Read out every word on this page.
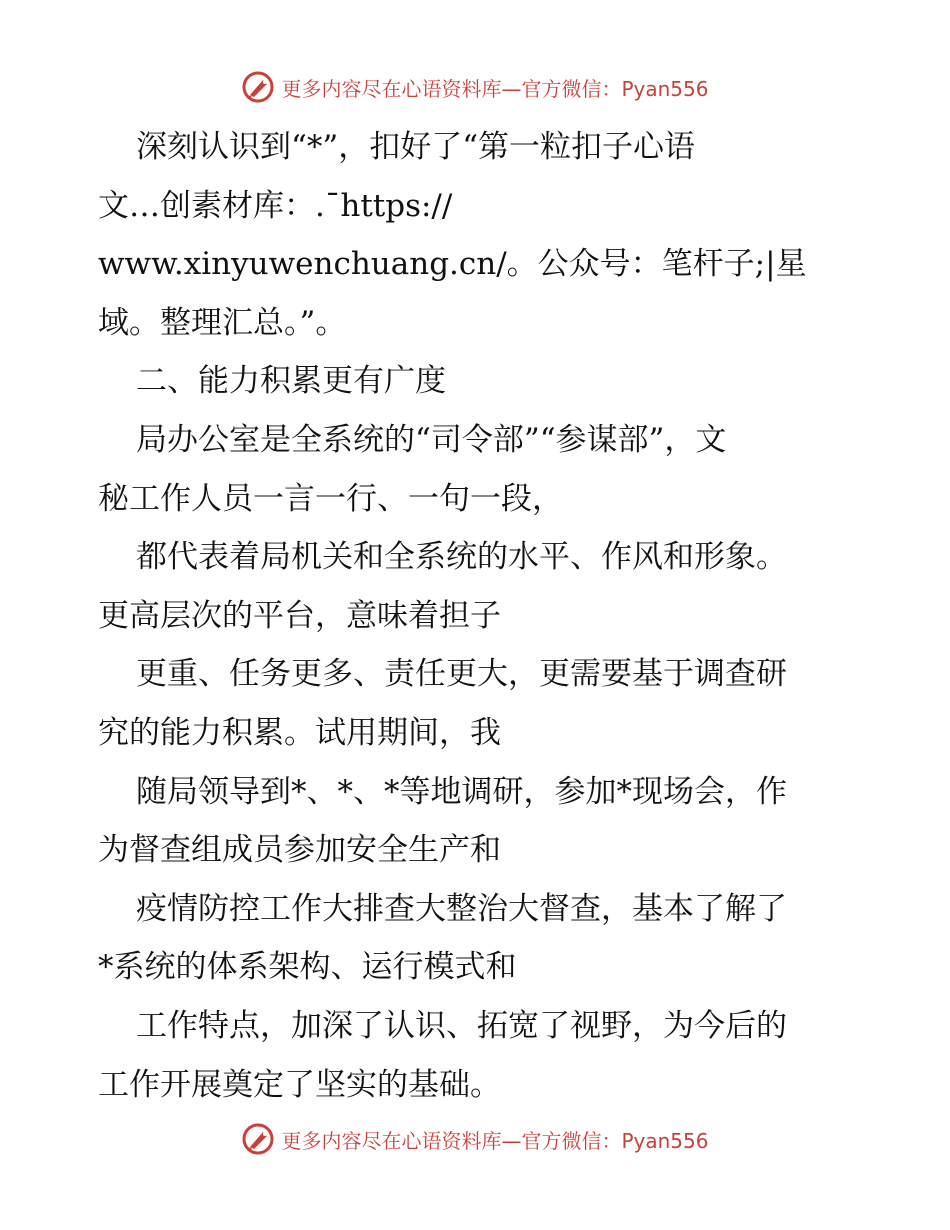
更多内容尽在心语资料库—官方微信：Pyan556
深刻认识到“*”，扣好了“第一粒扣子心语
文…创素材库：.¯https://
www.xinyuwenchuang.cn/。公众号：笔杆子;|星
域。整理汇总。”。
二、能力积累更有广度
局办公室是全系统的“司令部”“参谋部”，文
秘工作人员一言一行、一句一段，
都代表着局机关和全系统的水平、作风和形象。
更高层次的平台，意味着担子
更重、任务更多、责任更大，更需要基于调查研
究的能力积累。试用期间，我
随局领导到*、*、*等地调研，参加*现场会，作
为督查组成员参加安全生产和
疫情防控工作大排查大整治大督查，基本了解了
*系统的体系架构、运行模式和
工作特点，加深了认识、拓宽了视野，为今后的
工作开展奠定了坚实的基础。
更多内容尽在心语资料库—官方微信：Pyan556
